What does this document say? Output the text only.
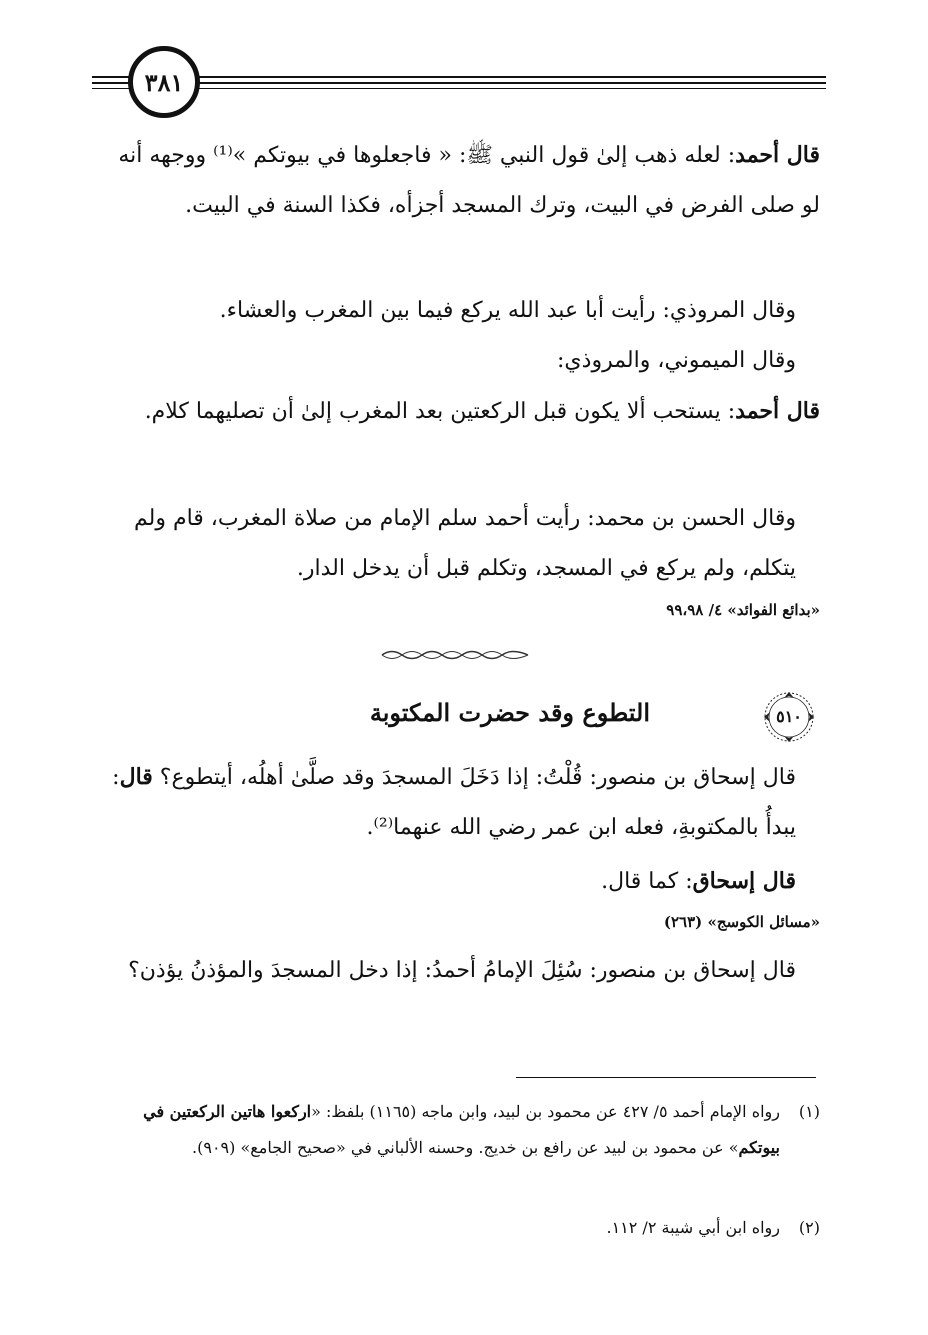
٣٨١

قال أحمد: لعله ذهب إلىٰ قول النبي ﷺ: « فاجعلوها في بيوتكم »⁽¹⁾ ووجهه أنه لو صلى الفرض في البيت، وترك المسجد أجزأه، فكذا السنة في البيت.

وقال المروذي: رأيت أبا عبد الله يركع فيما بين المغرب والعشاء.

وقال الميموني، والمروذي:

قال أحمد: يستحب ألا يكون قبل الركعتين بعد المغرب إلىٰ أن تصليهما كلام.

وقال الحسن بن محمد: رأيت أحمد سلم الإمام من صلاة المغرب، قام ولم يتكلم، ولم يركع في المسجد، وتكلم قبل أن يدخل الدار.

«بدائع الفوائد» ٤/ ٩٩،٩٨
٥١٠
التطوع وقد حضرت المكتوبة

قال إسحاق بن منصور: قُلْتُ: إذا دَخَلَ المسجدَ وقد صلَّىٰ أهلُه، أيتطوع؟ قال: يبدأُ بالمكتوبةِ، فعله ابن عمر رضي الله عنهما⁽²⁾.

قال إسحاق: كما قال.

«مسائل الكوسج» (٢٦٣)

قال إسحاق بن منصور: سُئِلَ الإمامُ أحمدُ: إذا دخل المسجدَ والمؤذنُ يؤذن؟

(١)
رواه الإمام أحمد ٥/ ٤٢٧ عن محمود بن لبيد، وابن ماجه (١١٦٥) بلفظ: «اركعوا هاتين الركعتين في بيوتكم» عن محمود بن لبيد عن رافع بن خديج. وحسنه الألباني في «صحيح الجامع» (٩٠٩).
(٢)
رواه ابن أبي شيبة ٢/ ١١٢.
